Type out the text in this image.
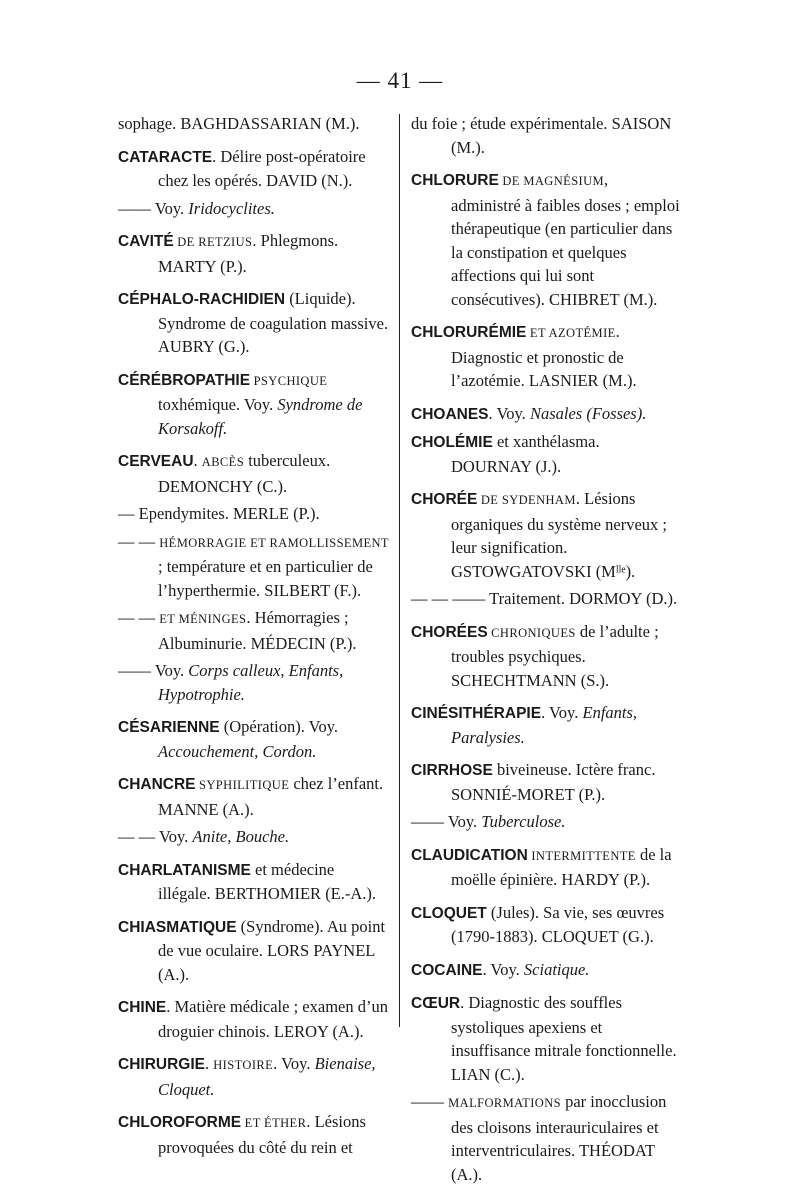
— 41 —

sophage. BAGHDASSARIAN (M.).

CATARACTE. Délire post-opératoire chez les opérés. DAVID (N.).

—— Voy. Iridocyclites.

CAVITÉ DE RETZIUS. Phlegmons. MARTY (P.).

CÉPHALO-RACHIDIEN (Liquide). Syndrome de coagulation massive. AUBRY (G.).

CÉRÉBROPATHIE PSYCHIQUE toxhémique. Voy. Syndrome de Korsakoff.

CERVEAU. ABCÈS tuberculeux. DEMONCHY (C.).

— Ependymites. MERLE (P.).

— — HÉMORRAGIE ET RAMOLLISSEMENT ; température et en particulier de l’hyperthermie. SILBERT (F.).

— — ET MÉNINGES. Hémorragies ; Albuminurie. MÉDECIN (P.).

—— Voy. Corps calleux, Enfants, Hypotrophie.

CÉSARIENNE (Opération). Voy. Accouchement, Cordon.

CHANCRE SYPHILITIQUE chez l’enfant. MANNE (A.).

— — Voy. Anite, Bouche.

CHARLATANISME et médecine illégale. BERTHOMIER (E.-A.).

CHIASMATIQUE (Syndrome). Au point de vue oculaire. LORS PAYNEL (A.).

CHINE. Matière médicale ; examen d’un droguier chinois. LEROY (A.).

CHIRURGIE. HISTOIRE. Voy. Bienaise, Cloquet.

CHLOROFORME ET ÉTHER. Lésions provoquées du côté du rein et

du foie ; étude expérimentale. SAISON (M.).

CHLORURE DE MAGNÉSIUM, administré à faibles doses ; emploi thérapeutique (en particulier dans la constipation et quelques affections qui lui sont consécutives). CHIBRET (M.).

CHLORURÉMIE ET AZOTÉMIE. Diagnostic et pronostic de l’azotémie. LASNIER (M.).

CHOANES. Voy. Nasales (Fosses).

CHOLÉMIE et xanthélasma. DOURNAY (J.).

CHORÉE DE SYDENHAM. Lésions organiques du système nerveux ; leur signification. GSTOWGATOVSKI (Mˡˡᵉ).

— — —— Traitement. DORMOY (D.).

CHORÉES CHRONIQUES de l’adulte ; troubles psychiques. SCHECHTMANN (S.).

CINÉSITHÉRAPIE. Voy. Enfants, Paralysies.

CIRRHOSE biveineuse. Ictère franc. SONNIÉ-MORET (P.).

—— Voy. Tuberculose.

CLAUDICATION INTERMITTENTE de la moëlle épinière. HARDY (P.).

CLOQUET (Jules). Sa vie, ses œuvres (1790-1883). CLOQUET (G.).

COCAINE. Voy. Sciatique.

CŒUR. Diagnostic des souffles systoliques apexiens et insuffisance mitrale fonctionnelle. LIAN (C.).

—— MALFORMATIONS par inocclusion des cloisons interauriculaires et interventriculaires. THÉODAT (A.).
